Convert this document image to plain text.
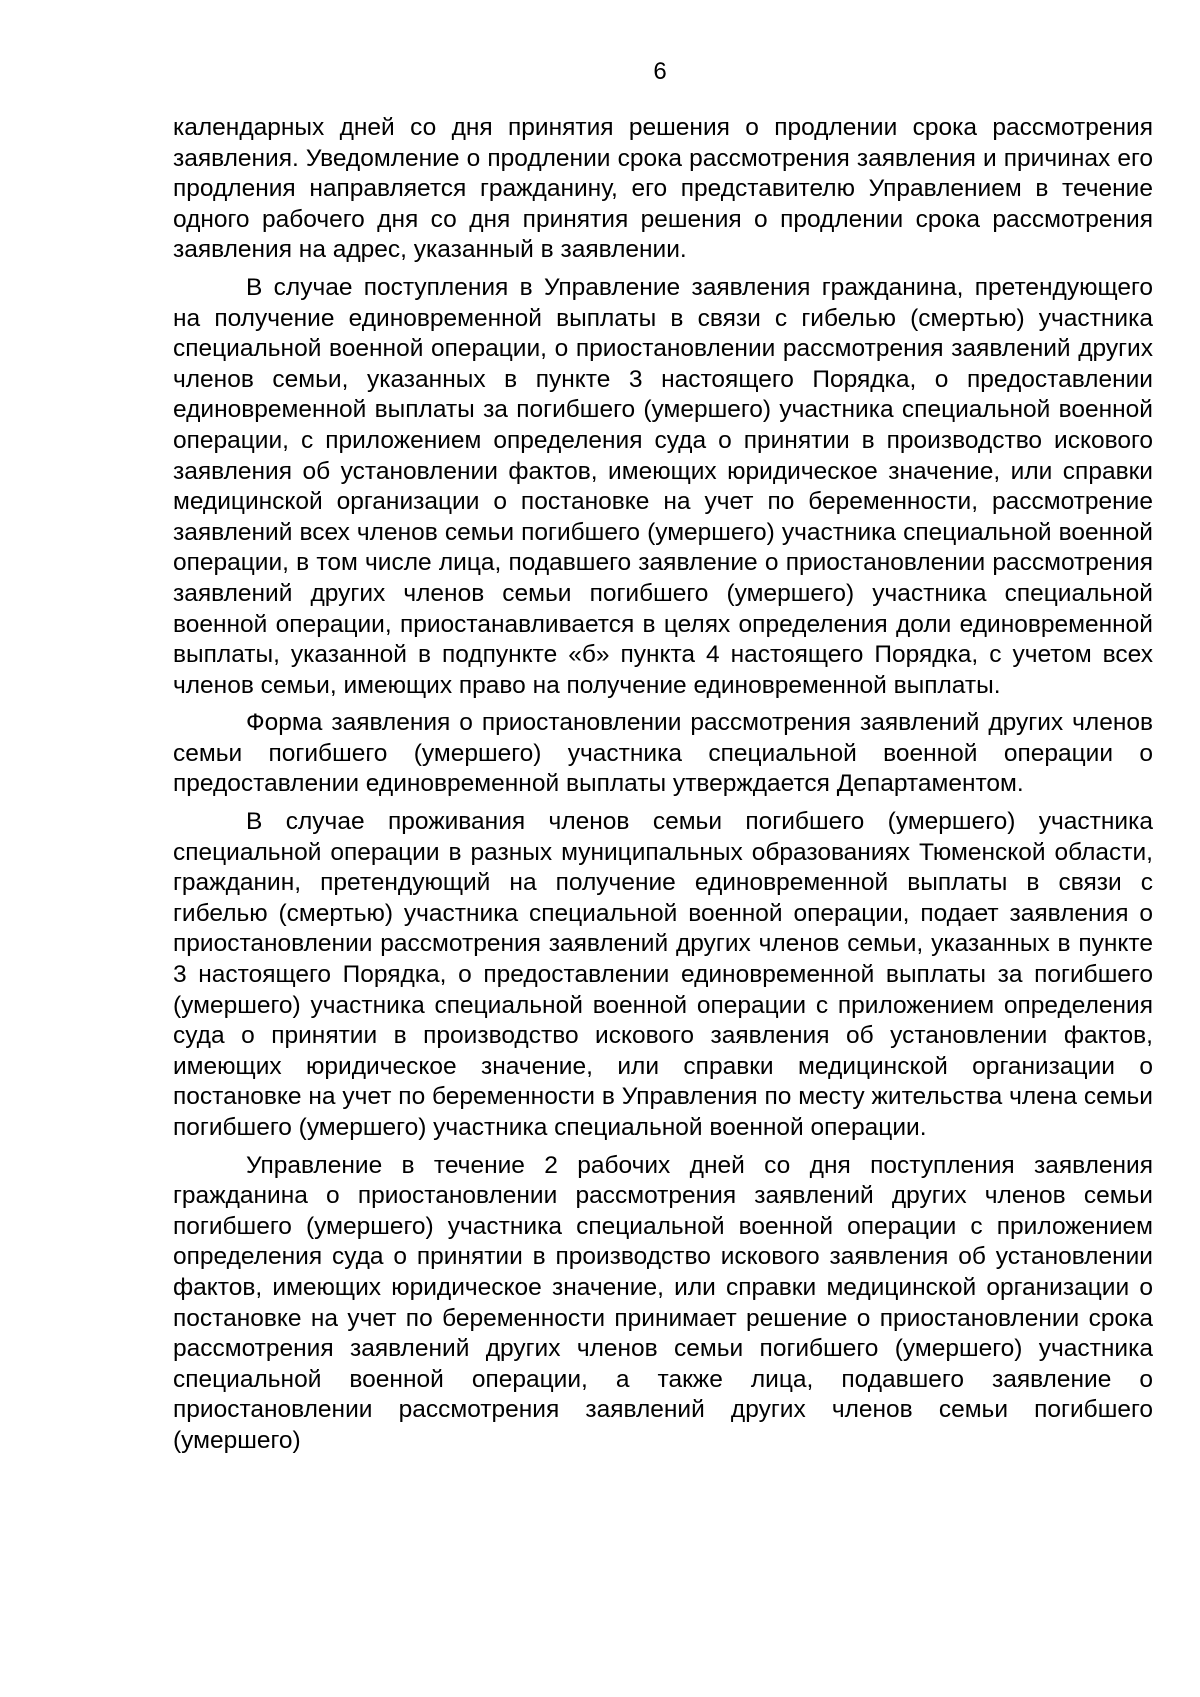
6

календарных дней со дня принятия решения о продлении срока рассмотрения заявления. Уведомление о продлении срока рассмотрения заявления и причинах его продления направляется гражданину, его представителю Управлением в течение одного рабочего дня со дня принятия решения о продлении срока рассмотрения заявления на адрес, указанный в заявлении.

В случае поступления в Управление заявления гражданина, претендующего на получение единовременной выплаты в связи с гибелью (смертью) участника специальной военной операции, о приостановлении рассмотрения заявлений других членов семьи, указанных в пункте 3 настоящего Порядка, о предоставлении единовременной выплаты за погибшего (умершего) участника специальной военной операции, с приложением определения суда о принятии в производство искового заявления об установлении фактов, имеющих юридическое значение, или справки медицинской организации о постановке на учет по беременности, рассмотрение заявлений всех членов семьи погибшего (умершего) участника специальной военной операции, в том числе лица, подавшего заявление о приостановлении рассмотрения заявлений других членов семьи погибшего (умершего) участника специальной военной операции, приостанавливается в целях определения доли единовременной выплаты, указанной в подпункте «б» пункта 4 настоящего Порядка, с учетом всех членов семьи, имеющих право на получение единовременной выплаты.

Форма заявления о приостановлении рассмотрения заявлений других членов семьи погибшего (умершего) участника специальной военной операции о предоставлении единовременной выплаты утверждается Департаментом.

В случае проживания членов семьи погибшего (умершего) участника специальной операции в разных муниципальных образованиях Тюменской области, гражданин, претендующий на получение единовременной выплаты в связи с гибелью (смертью) участника специальной военной операции, подает заявления о приостановлении рассмотрения заявлений других членов семьи, указанных в пункте 3 настоящего Порядка, о предоставлении единовременной выплаты за погибшего (умершего) участника специальной военной операции с приложением определения суда о принятии в производство искового заявления об установлении фактов, имеющих юридическое значение, или справки медицинской организации о постановке на учет по беременности в Управления по месту жительства члена семьи погибшего (умершего) участника специальной военной операции.

Управление в течение 2 рабочих дней со дня поступления заявления гражданина о приостановлении рассмотрения заявлений других членов семьи погибшего (умершего) участника специальной военной операции с приложением определения суда о принятии в производство искового заявления об установлении фактов, имеющих юридическое значение, или справки медицинской организации о постановке на учет по беременности принимает решение о приостановлении срока рассмотрения заявлений других членов семьи погибшего (умершего) участника специальной военной операции, а также лица, подавшего заявление о приостановлении рассмотрения заявлений других членов семьи погибшего (умершего)
